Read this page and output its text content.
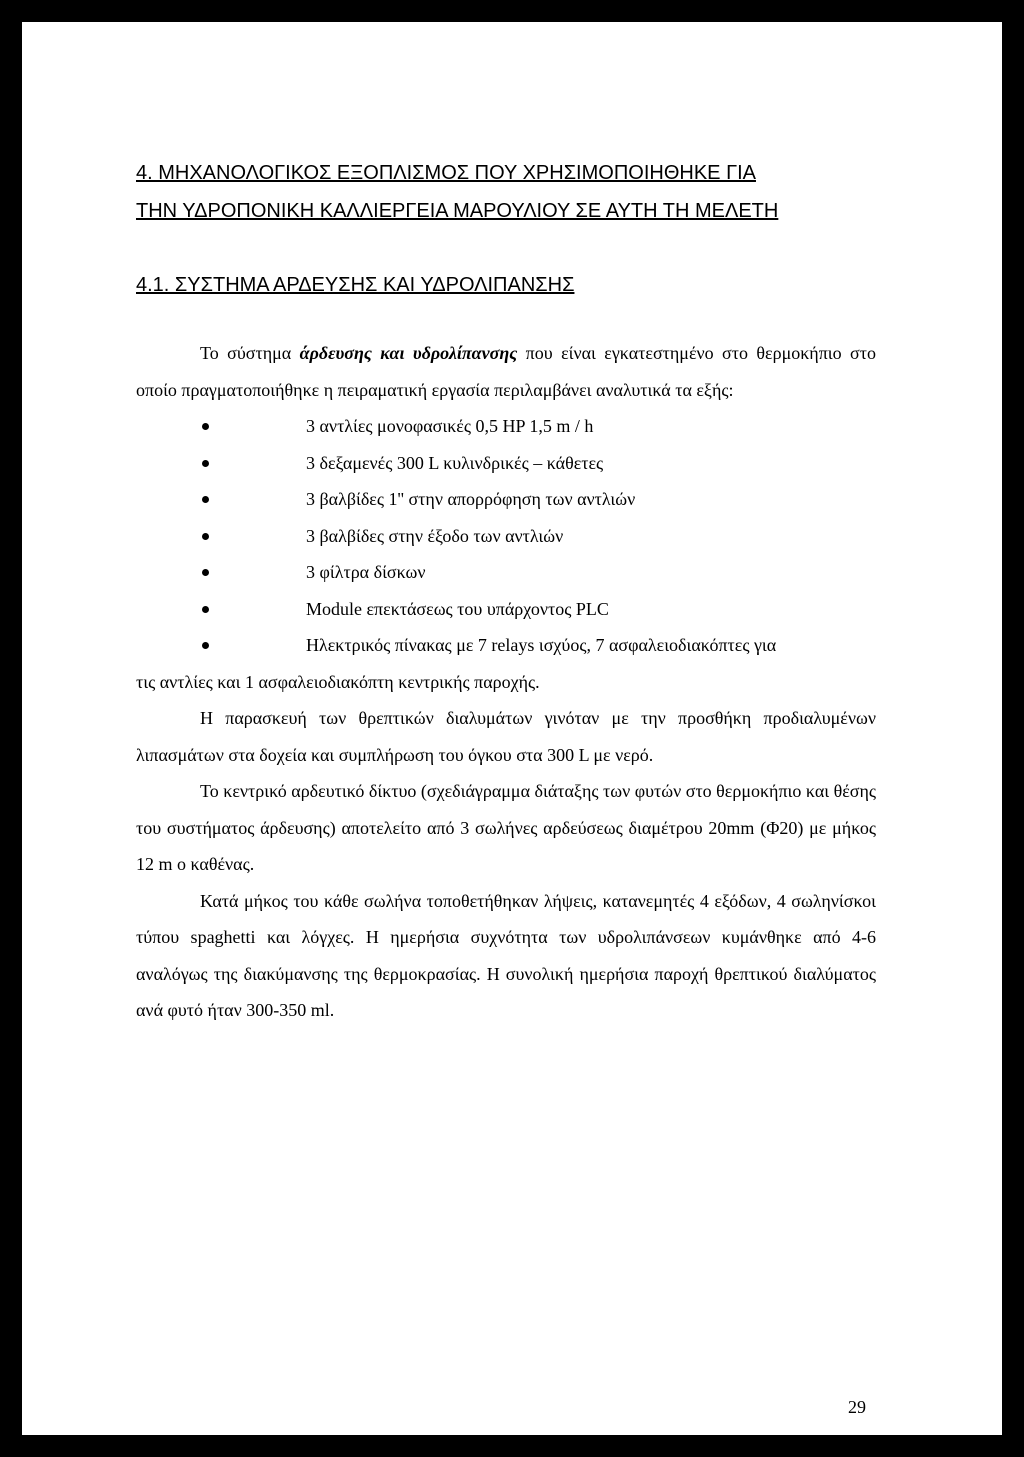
4. ΜΗΧΑΝΟΛΟΓΙΚΟΣ ΕΞΟΠΛΙΣΜΟΣ ΠΟΥ ΧΡΗΣΙΜΟΠΟΙΗΘΗΚΕ ΓΙΑ
ΤΗΝ ΥΔΡΟΠΟΝΙΚΗ ΚΑΛΛΙΕΡΓΕΙΑ ΜΑΡΟΥΛΙΟΥ ΣΕ ΑΥΤΗ ΤΗ ΜΕΛΕΤΗ
4.1. ΣΥΣΤΗΜΑ ΑΡΔΕΥΣΗΣ ΚΑΙ ΥΔΡΟΛΙΠΑΝΣΗΣ

Το σύστημα άρδευσης και υδρολίπανσης που είναι εγκατεστημένο στο θερμοκήπιο στο οποίο πραγματοποιήθηκε η πειραματική εργασία περιλαμβάνει αναλυτικά τα εξής:

3 αντλίες μονοφασικές 0,5 HP 1,5 m / h
3 δεξαμενές 300 L κυλινδρικές – κάθετες
3 βαλβίδες 1'' στην απορρόφηση των αντλιών
3 βαλβίδες στην έξοδο των αντλιών
3 φίλτρα δίσκων
Module επεκτάσεως του υπάρχοντος PLC
Ηλεκτρικός πίνακας με 7 relays ισχύος, 7 ασφαλειοδιακόπτες για

τις αντλίες και 1 ασφαλειοδιακόπτη κεντρικής παροχής.

Η παρασκευή των θρεπτικών διαλυμάτων γινόταν με την προσθήκη προδιαλυμένων λιπασμάτων στα δοχεία και συμπλήρωση του όγκου στα 300 L με νερό.

Το κεντρικό αρδευτικό δίκτυο (σχεδιάγραμμα διάταξης των φυτών στο θερμοκήπιο και θέσης του συστήματος άρδευσης) αποτελείτο από 3 σωλήνες αρδεύσεως διαμέτρου 20mm (Φ20) με μήκος 12 m ο καθένας.

Κατά μήκος του κάθε σωλήνα τοποθετήθηκαν λήψεις, κατανεμητές 4 εξόδων, 4 σωληνίσκοι τύπου spaghetti και λόγχες. Η ημερήσια συχνότητα των υδρολιπάνσεων κυμάνθηκε από 4-6 αναλόγως της διακύμανσης της θερμοκρασίας. Η συνολική ημερήσια παροχή θρεπτικού διαλύματος ανά φυτό ήταν 300-350 ml.

29
